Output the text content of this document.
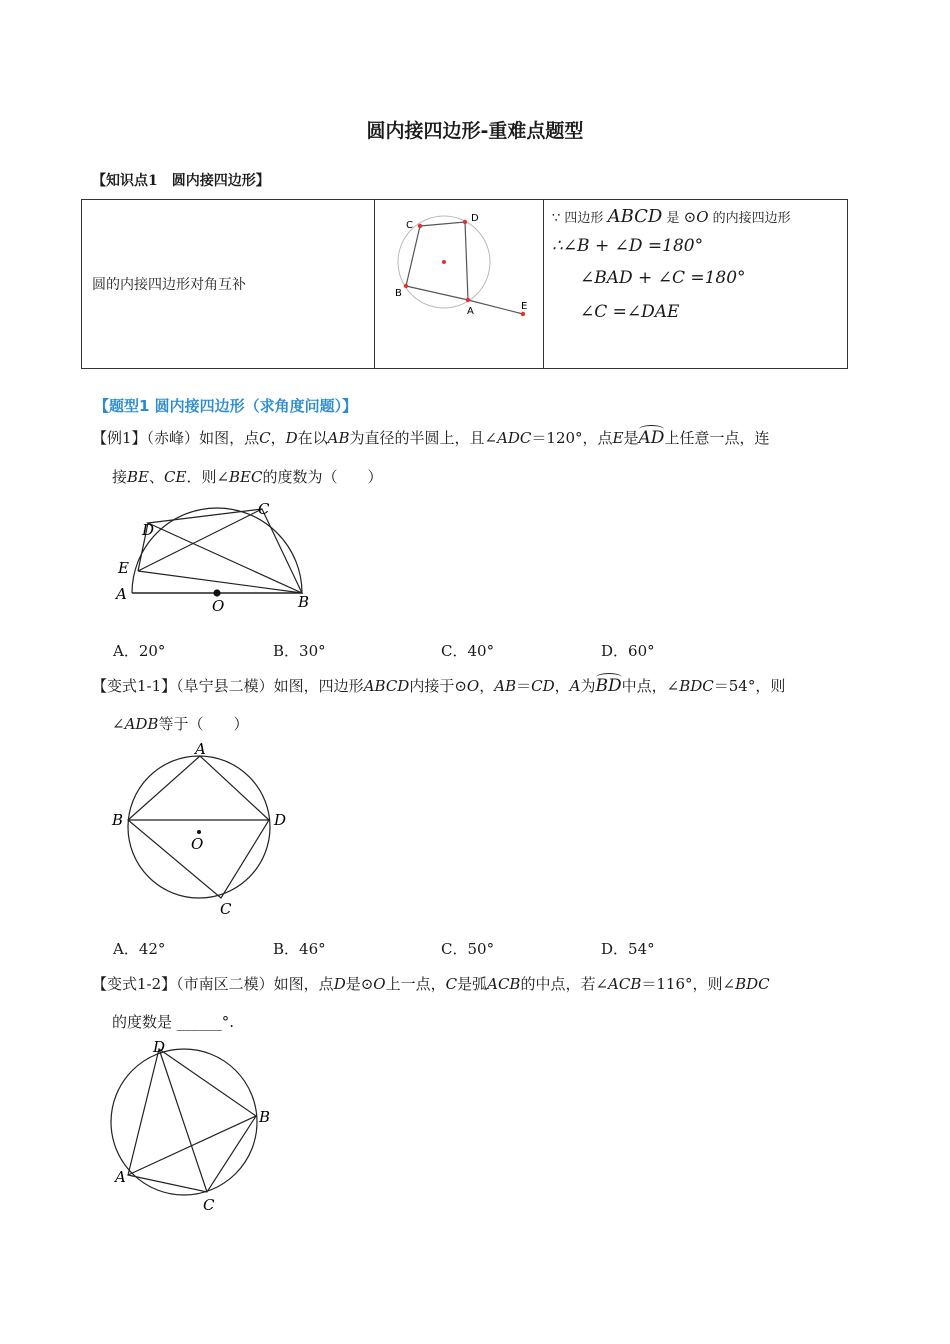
圆内接四边形-重难点题型
【知识点1　圆内接四边形】
圆的内接四边形对角互补	
C
D
B
A	E

∵ 四边形 ABCD 是 ⊙O 的内接四边形
∴∠B + ∠D =180°
∠BAD + ∠C =180°
∠C =∠DAE
【题型1 圆内接四边形（求角度问题）】
【例1】（赤峰）如图，点C，D在以AB为直径的半圆上，且∠ADC＝120°，点E是AD上任意一点，连
接BE、CE．则∠BEC的度数为（　　）
D
C
E
A
O	B
A．20°	B．30°	C．40°	D．60°
【变式1-1】（阜宁县二模）如图，四边形ABCD内接于⊙O，AB＝CD，A为BD中点，∠BDC＝54°，则
∠ADB等于（　　）
A
B	D
O
C
A．42°	B．46°	C．50°	D．54°
【变式1-2】（市南区二模）如图，点D是⊙O上一点，C是弧ACB的中点，若∠ACB＝116°，则∠BDC
的度数是 ______°.
D
B
A
C
